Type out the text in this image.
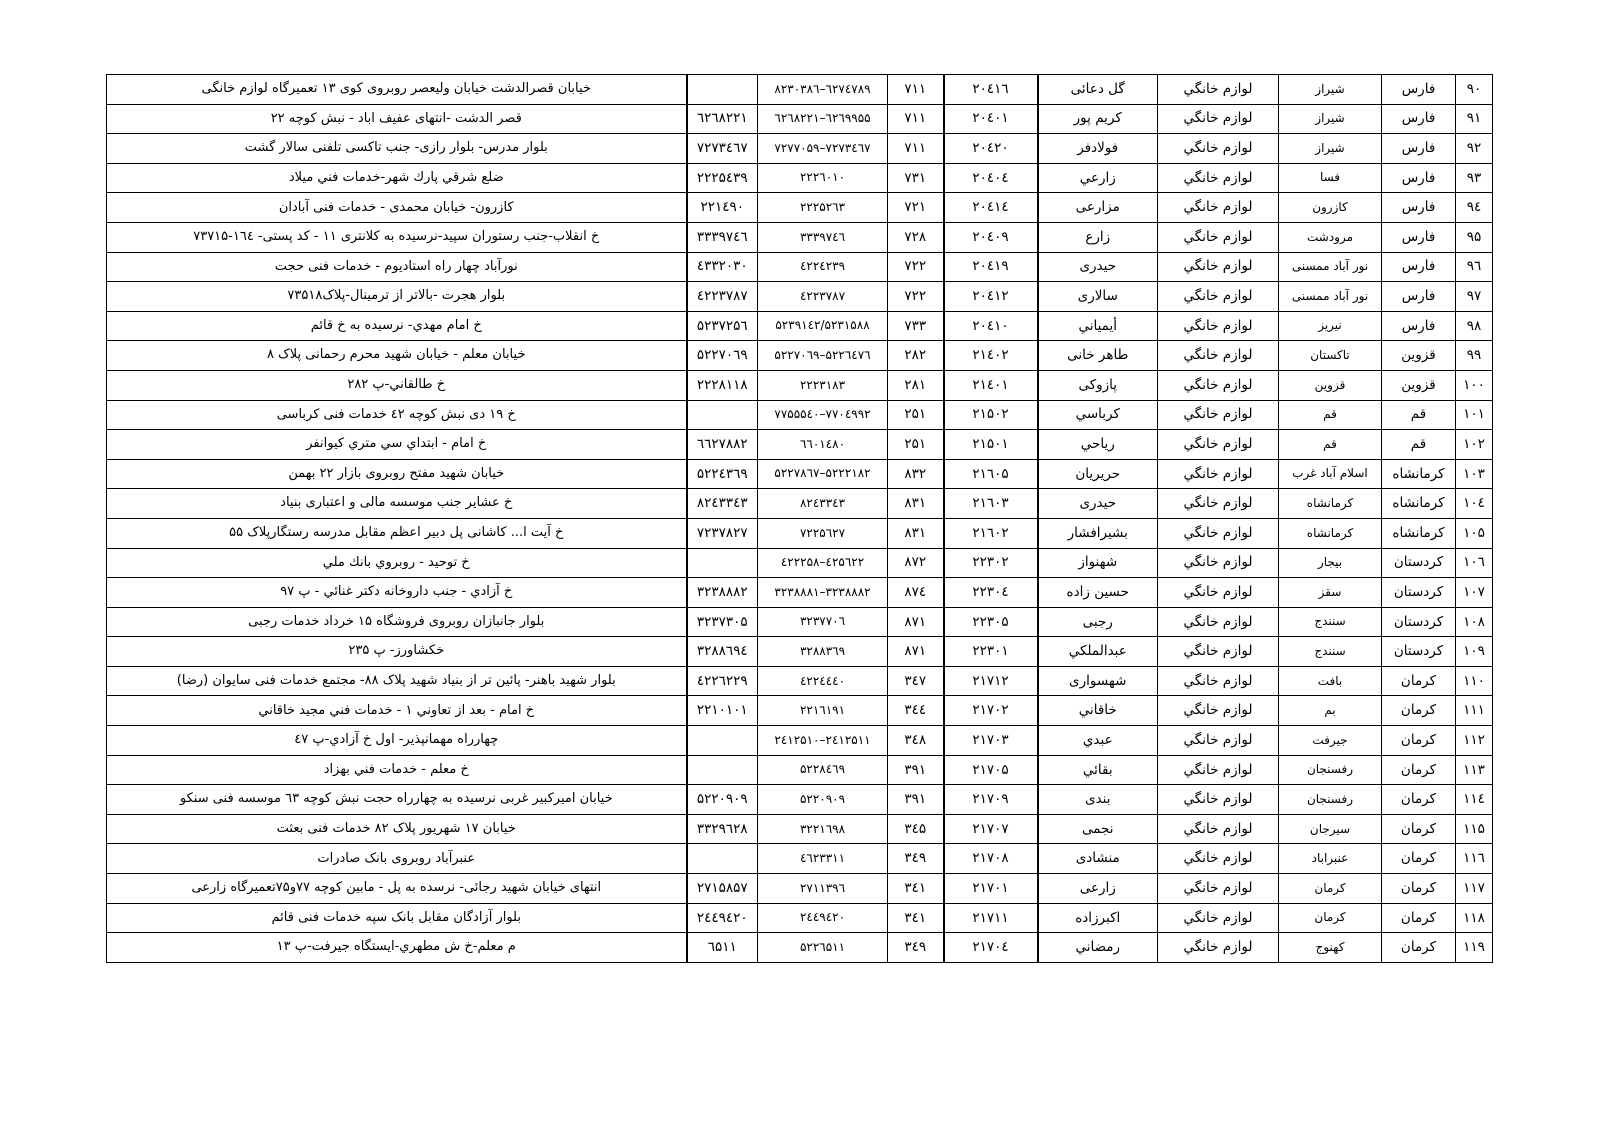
۹۰	فارس	شیراز	لوازم خانگي	گل دعائی	۲۰٤۱٦	۷۱۱	٦۲۷٤۷۸۹–۸۲۳۰۳۸٦		خیابان قصرالدشت خیابان ولیعصر روبروی کوی ۱۳ تعمیرگاه لوازم خانگی
۹۱	فارس	شیراز	لوازم خانگي	کریم پور	۲۰٤۰۱	۷۱۱	٦۲٦۹۹۵۵–٦۲٦۸۲۲۱	٦۲٦۸۲۲۱	قصر الدشت -انتهای عفیف اباد - نبش کوچه ۲۲
۹۲	فارس	شیراز	لوازم خانگي	فولادفر	۲۰٤۲۰	۷۱۱	۷۲۷۳٤٦۷–۷۲۷۷۰۵۹	۷۲۷۳٤٦۷	بلوار مدرس- بلوار رازی- جنب تاکسی تلفنی سالار گشت
۹۳	فارس	فسا	لوازم خانگي	زارعي	۲۰٤۰٤	۷۳۱	۲۲۲٦۰۱۰	۲۲۲۵٤۳۹	ضلع شرقي پارك شهر-خدمات فني ميلاد
۹٤	فارس	کازرون	لوازم خانگي	مزارعی	۲۰٤۱٤	۷۲۱	۲۲۲۵۲٦۳	۲۲۱٤۹۰	کازرون- خیابان محمدی - خدمات فنی آبادان
۹۵	فارس	مرودشت	لوازم خانگي	زارع	۲۰٤۰۹	۷۲۸	۳۳۳۹۷٤٦	۳۳۳۹۷٤٦	خ انقلاب-جنب رستوران سپید-نرسیده به کلانتری ۱۱ - کد پستی- ۱٦٤-۷۳۷۱۵
۹٦	فارس	نور آباد ممسنی	لوازم خانگي	حیدری	۲۰٤۱۹	۷۲۲	٤۲۲٤۲۳۹	٤۳۳۲۰۳۰	نورآباد چهار راه استادیوم - خدمات فنی حجت
۹۷	فارس	نور آباد ممسنی	لوازم خانگي	سالاری	۲۰٤۱۲	۷۲۲	٤۲۲۳۷۸۷	٤۲۲۳۷۸۷	بلوار هجرت -بالاتر از ترمینال-پلاک۷۳۵۱۸
۹۸	فارس	نيريز	لوازم خانگي	أيمياني	۲۰٤۱۰	۷۳۳	۵۲۳۹۱٤۲/۵۲۳۱۵۸۸	۵۲۳۷۲۵٦	خ امام مهدي- نرسيده به خ قائم
۹۹	قزوین	تاکستان	لوازم خانگي	طاهر خانی	۲۱٤۰۲	۲۸۲	۵۲۲٦٤۷٦–۵۲۲۷۰٦۹	۵۲۲۷۰٦۹	خیابان معلم - خیابان شهید محرم رحمانی پلاک ۸
۱۰۰	قزوين	قزوين	لوازم خانگي	پازوكی	۲۱٤۰۱	۲۸۱	۲۲۲۳۱۸۳	۲۲۲۸۱۱۸	خ طالقاني-پ ۲۸۲
۱۰۱	قم	قم	لوازم خانگي	كرباسي	۲۱۵۰۲	۲۵۱	۷۷۰٤۹۹۲–۷۷۵۵۵٤۰		خ ۱۹ دی نبش کوچه ٤۲ خدمات فنی کرباسی
۱۰۲	قم	قم	لوازم خانگي	رياحي	۲۱۵۰۱	۲۵۱	٦٦۰۱٤۸۰	٦٦۲۷۸۸۲	خ امام - ابتداي سي متري كيوانفر
۱۰۳	کرمانشاه	اسلام آباد غرب	لوازم خانگي	حریریان	۲۱٦۰۵	۸۳۲	۵۲۲۲۱۸۲–۵۲۲۷۸٦۷	۵۲۲٤۳٦۹	خیابان شهید مفتح روبروی بازار ۲۲ بهمن
۱۰٤	کرمانشاه	کرمانشاه	لوازم خانگي	حیدری	۲۱٦۰۳	۸۳۱	۸۲٤۳۳٤۳	۸۲٤۳۳٤۳	خ عشایر جنب موسسه مالی و اعتباری بنیاد
۱۰۵	کرمانشاه	کرمانشاه	لوازم خانگي	بشیرافشار	۲۱٦۰۲	۸۳۱	۷۲۲۵٦۲۷	۷۲۳۷۸۲۷	خ آیت ا... کاشانی پل دبیر اعظم مقابل مدرسه رستگارپلاک ۵۵
۱۰٦	کردستان	بیجار	لوازم خانگي	شهنواز	۲۲۳۰۲	۸۷۲	٤۲۵٦۲۲–٤۲۲۲۵۸		خ توحيد - روبروي بانك ملي
۱۰۷	کردستان	سقز	لوازم خانگي	حسین زاده	۲۲۳۰٤	۸۷٤	۳۲۳۸۸۸۲–۳۲۳۸۸۸۱	۳۲۳۸۸۸۲	خ آزادي - جنب داروخانه دكتر غنائي - پ ۹۷
۱۰۸	کردستان	سنندج	لوازم خانگي	رجبی	۲۲۳۰۵	۸۷۱	۳۲۳۷۷۰٦	۳۲۳۷۳۰۵	بلوار جانبازان روبروی فروشگاه ۱۵ خرداد خدمات رجبی
۱۰۹	کردستان	سنندج	لوازم خانگي	عبدالملكي	۲۲۳۰۱	۸۷۱	۳۲۸۸۳٦۹	۳۲۸۸٦۹٤	خكشاورز- پ ۲۳۵
۱۱۰	کرمان	بافت	لوازم خانگي	شهسواری	۲۱۷۱۲	۳٤۷	٤۲۲٤٤٤۰	٤۲۲٦۲۲۹	بلوار شهید باهنر- پائین تر از بنیاد شهید پلاک ۸۸- مجتمع خدمات فنی سایوان (رضا)
۱۱۱	کرمان	بم	لوازم خانگي	خاقاني	۲۱۷۰۲	۳٤٤	۲۲۱٦۱۹۱	۲۲۱۰۱۰۱	خ امام - بعد از تعاوني ۱ - خدمات فني مجيد خاقاني
۱۱۲	کرمان	جيرفت	لوازم خانگي	عبدي	۲۱۷۰۳	۳٤۸	۲٤۱۲۵۱۱–۲٤۱۲۵۱۰		چهارراه مهمانپذير- اول خ آزادي-پ ٤۷
۱۱۳	کرمان	رفسنجان	لوازم خانگي	بقائي	۲۱۷۰۵	۳۹۱	۵۲۲۸٤٦۹		خ معلم - خدمات فني بهزاد
۱۱٤	کرمان	رفسنجان	لوازم خانگي	بندی	۲۱۷۰۹	۳۹۱	۵۲۲۰۹۰۹	۵۲۲۰۹۰۹	خیابان امیرکبیر غربی نرسیده به چهارراه حجت نبش کوچه ٦۳ موسسه فنی سنکو
۱۱۵	کرمان	سیرجان	لوازم خانگي	نجمی	۲۱۷۰۷	۳٤۵	۳۲۲۱٦۹۸	۳۳۲۹٦۲۸	خیابان ۱۷ شهریور پلاک ۸۲ خدمات فنی بعثت
۱۱٦	کرمان	عنبراباد	لوازم خانگي	منشادی	۲۱۷۰۸	۳٤۹	٤٦۲۳۳۱۱		عنبرآباد روبروی بانک صادرات
۱۱۷	کرمان	کرمان	لوازم خانگي	زارعی	۲۱۷۰۱	۳٤۱	۲۷۱۱۳۹٦	۲۷۱۵۸۵۷	انتهای خیابان شهید رجائی- نرسده به پل - مابین کوچه ۷۷و۷۵تعمیرگاه زارعی
۱۱۸	کرمان	کرمان	لوازم خانگي	اکبرزاده	۲۱۷۱۱	۳٤۱	۲٤٤۹٤۲۰	۲٤٤۹٤۲۰	بلوار آزادگان مقابل بانک سپه خدمات فنی قائم
۱۱۹	کرمان	کهنوج	لوازم خانگي	رمضاني	۲۱۷۰٤	۳٤۹	۵۲۲٦۵۱۱	٦۵۱۱	م معلم-خ ش مطهري-ايستگاه جيرفت-پ ۱۳
